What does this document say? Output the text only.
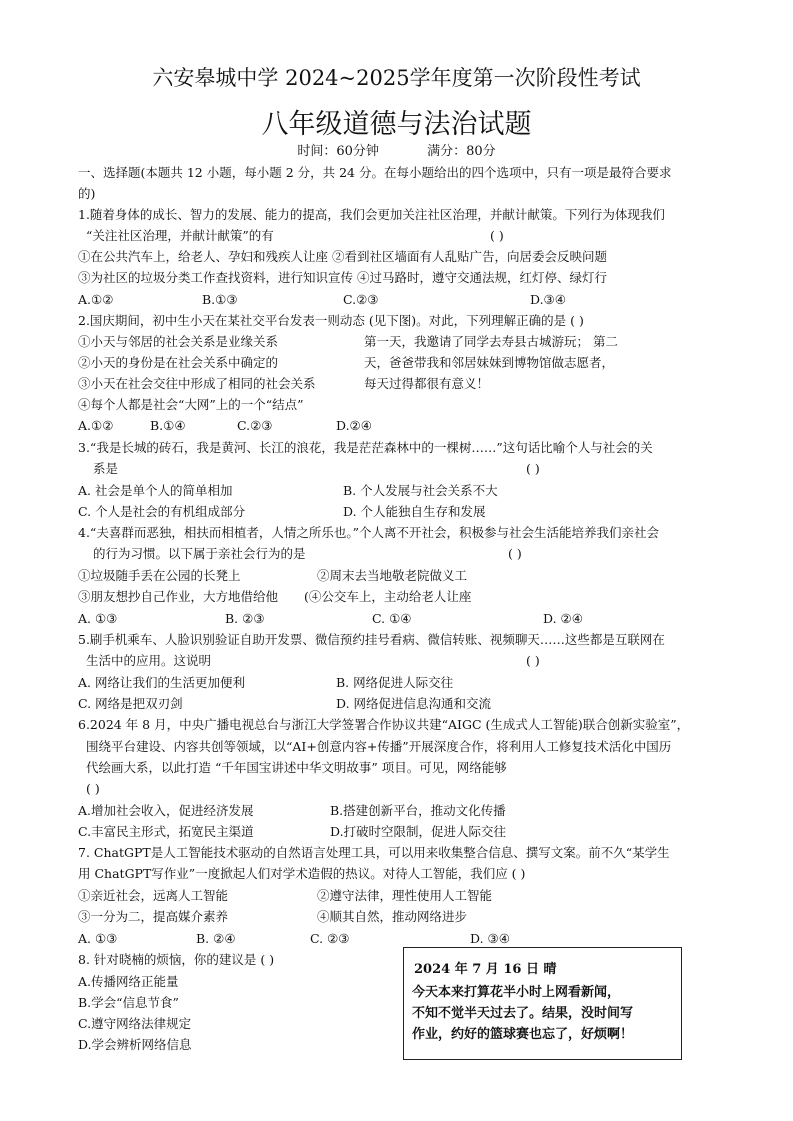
六安皋城中学 2024~2025学年度第一次阶段性考试
八年级道德与法治试题
时间：60分钟	满分：80分
一、选择题(本题共 12 小题，每小题 2 分，共 24 分。在每小题给出的四个选项中，只有一项是最符合要求
的)
1.随着身体的成长、智力的发展、能力的提高，我们会更加关注社区治理，并献计献策。下列行为体现我们
“关注社区治理，并献计献策”的有	( )
①在公共汽车上，给老人、孕妇和残疾人让座 ②看到社区墙面有人乱贴广告，向居委会反映问题
③为社区的垃圾分类工作查找资料，进行知识宣传 ④过马路时，遵守交通法规，红灯停、绿灯行
A.①②	B.①③	C.②③	D.③④
2.国庆期间，初中生小天在某社交平台发表一则动态 (见下图)。对此，下列理解正确的是 ( )
①小天与邻居的社会关系是业缘关系
②小天的身份是在社会关系中确定的
③小天在社会交往中形成了相同的社会关系
④每个人都是社会“大网”上的一个“结点”
第一天，我邀请了同学去寿县古城游玩； 第二
天，爸爸带我和邻居妹妹到博物馆做志愿者，
每天过得都很有意义！
A.①②	B.①④	C.②③	D.②④
3.“我是长城的砖石，我是黄河、长江的浪花，我是茫茫森林中的一棵树……”这句话比喻个人与社会的关
系是	( )
A. 社会是单个人的简单相加	B. 个人发展与社会关系不大
C. 个人是社会的有机组成部分	D. 个人能独自生存和发展
4.“夫喜群而恶独，相扶而相植者，人情之所乐也。”个人离不开社会，积极参与社会生活能培养我们亲社会
的行为习惯。以下属于亲社会行为的是	( )
①垃圾随手丢在公园的长凳上	②周末去当地敬老院做义工
③朋友想抄自己作业，大方地借给他 (④公交车上，主动给老人让座
A. ①③	B. ②③	C. ①④	D. ②④
5.刷手机乘车、人脸识别验证自助开发票、微信预约挂号看病、微信转账、视频聊天……这些都是互联网在
生活中的应用。这说明	( )
A. 网络让我们的生活更加便利	B. 网络促进人际交往
C. 网络是把双刃剑	D. 网络促进信息沟通和交流
6.2024 年 8 月，中央广播电视总台与浙江大学签署合作协议共建“AIGC (生成式人工智能)联合创新实验室”，
围绕平台建设、内容共创等领域，以“AI+创意内容+传播”开展深度合作，将利用人工修复技术活化中国历
代绘画大系，以此打造 “千年国宝讲述中华文明故事” 项目。可见，网络能够
( )
A.增加社会收入，促进经济发展	B.搭建创新平台，推动文化传播
C.丰富民主形式，拓宽民主渠道	D.打破时空限制，促进人际交往
7. ChatGPT是人工智能技术驱动的自然语言处理工具，可以用来收集整合信息、撰写文案。前不久“某学生
用 ChatGPT写作业”一度掀起人们对学术造假的热议。对待人工智能，我们应 ( )
①亲近社会，远离人工智能	②遵守法律，理性使用人工智能
③一分为二，提高媒介素养	④顺其自然，推动网络进步
A. ①③	B. ②④	C. ②③	D. ③④
8. 针对晓楠的烦恼，你的建议是 ( )
A.传播网络正能量
B.学会“信息节食”
C.遵守网络法律规定
D.学会辨析网络信息
2024 年 7 月 16 日 晴
今天本来打算花半小时上网看新闻，
不知不觉半天过去了。结果，没时间写
作业，约好的篮球赛也忘了，好烦啊！
